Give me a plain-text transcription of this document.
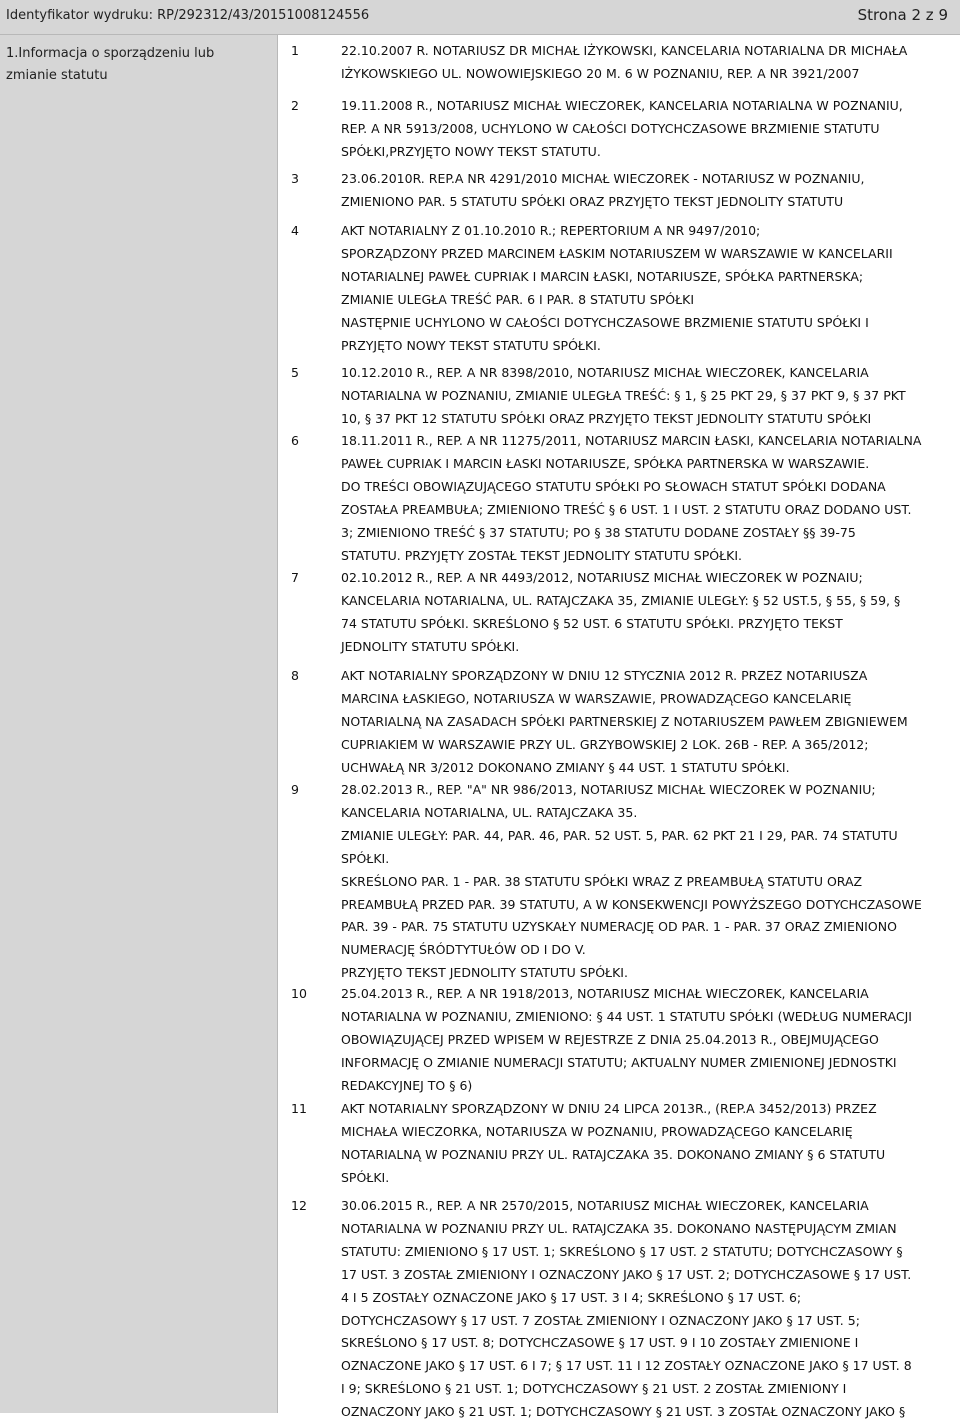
Identyfikator wydruku: RP/292312/43/20151008124556	Strona 2 z 9
1.Informacja o sporządzeniu lub zmianie statutu
1	22.10.2007 R. NOTARIUSZ DR MICHAŁ IŻYKOWSKI, KANCELARIA NOTARIALNA DR MICHAŁA
IŻYKOWSKIEGO UL. NOWOWIEJSKIEGO 20 M. 6 W POZNANIU, REP. A NR 3921/2007
2	19.11.2008 R., NOTARIUSZ MICHAŁ WIECZOREK, KANCELARIA NOTARIALNA W POZNANIU,
REP. A NR 5913/2008, UCHYLONO W CAŁOŚCI DOTYCHCZASOWE BRZMIENIE STATUTU
SPÓŁKI,PRZYJĘTO NOWY TEKST STATUTU.
3	23.06.2010R. REP.A NR 4291/2010 MICHAŁ WIECZOREK - NOTARIUSZ W POZNANIU,
ZMIENIONO PAR. 5 STATUTU SPÓŁKI ORAZ PRZYJĘTO TEKST JEDNOLITY STATUTU
4	AKT NOTARIALNY Z 01.10.2010 R.; REPERTORIUM A NR 9497/2010;
SPORZĄDZONY PRZED MARCINEM ŁASKIM NOTARIUSZEM W WARSZAWIE W KANCELARII
NOTARIALNEJ PAWEŁ CUPRIAK I MARCIN ŁASKI, NOTARIUSZE, SPÓŁKA PARTNERSKA;
ZMIANIE ULEGŁA TREŚĆ PAR. 6 I PAR. 8 STATUTU SPÓŁKI
NASTĘPNIE UCHYLONO W CAŁOŚCI DOTYCHCZASOWE BRZMIENIE STATUTU SPÓŁKI I
PRZYJĘTO NOWY TEKST STATUTU SPÓŁKI.
5	10.12.2010 R., REP. A NR 8398/2010, NOTARIUSZ MICHAŁ WIECZOREK, KANCELARIA
NOTARIALNA W POZNANIU, ZMIANIE ULEGŁA TREŚĆ: § 1, § 25 PKT 29, § 37 PKT 9, § 37 PKT
10, § 37 PKT 12 STATUTU SPÓŁKI ORAZ PRZYJĘTO TEKST JEDNOLITY STATUTU SPÓŁKI
6	18.11.2011 R., REP. A NR 11275/2011, NOTARIUSZ MARCIN ŁASKI, KANCELARIA NOTARIALNA
PAWEŁ CUPRIAK I MARCIN ŁASKI NOTARIUSZE, SPÓŁKA PARTNERSKA W WARSZAWIE.
DO TREŚCI OBOWIĄZUJĄCEGO STATUTU SPÓŁKI PO SŁOWACH STATUT SPÓŁKI DODANA
ZOSTAŁA PREAMBUŁA; ZMIENIONO TREŚĆ § 6 UST. 1 I UST. 2 STATUTU ORAZ DODANO UST.
3; ZMIENIONO TREŚĆ § 37 STATUTU; PO § 38 STATUTU DODANE ZOSTAŁY §§ 39-75
STATUTU. PRZYJĘTY ZOSTAŁ TEKST JEDNOLITY STATUTU SPÓŁKI.
7	02.10.2012 R., REP. A NR 4493/2012, NOTARIUSZ MICHAŁ WIECZOREK W POZNAIU;
KANCELARIA NOTARIALNA, UL. RATAJCZAKA 35, ZMIANIE ULEGŁY: § 52 UST.5, § 55, § 59, §
74 STATUTU SPÓŁKI. SKREŚLONO § 52 UST. 6 STATUTU SPÓŁKI. PRZYJĘTO TEKST
JEDNOLITY STATUTU SPÓŁKI.
8	AKT NOTARIALNY SPORZĄDZONY W DNIU 12 STYCZNIA 2012 R. PRZEZ NOTARIUSZA
MARCINA ŁASKIEGO, NOTARIUSZA W WARSZAWIE, PROWADZĄCEGO KANCELARIĘ
NOTARIALNĄ NA ZASADACH SPÓŁKI PARTNERSKIEJ Z NOTARIUSZEM PAWŁEM ZBIGNIEWEM
CUPRIAKIEM W WARSZAWIE PRZY UL. GRZYBOWSKIEJ 2 LOK. 26B - REP. A 365/2012;
UCHWAŁĄ NR 3/2012 DOKONANO ZMIANY § 44 UST. 1 STATUTU SPÓŁKI.
9	28.02.2013 R., REP. "A" NR 986/2013, NOTARIUSZ MICHAŁ WIECZOREK W POZNANIU;
KANCELARIA NOTARIALNA, UL. RATAJCZAKA 35.
ZMIANIE ULEGŁY: PAR. 44, PAR. 46, PAR. 52 UST. 5, PAR. 62 PKT 21 I 29, PAR. 74 STATUTU
SPÓŁKI.
SKREŚLONO PAR. 1 - PAR. 38 STATUTU SPÓŁKI WRAZ Z PREAMBUŁĄ STATUTU ORAZ
PREAMBUŁĄ PRZED PAR. 39 STATUTU, A W KONSEKWENCJI POWYŻSZEGO DOTYCHCZASOWE
PAR. 39 - PAR. 75 STATUTU UZYSKAŁY NUMERACJĘ OD PAR. 1 - PAR. 37 ORAZ ZMIENIONO
NUMERACJĘ ŚRÓDTYTUŁÓW OD I DO V.
PRZYJĘTO TEKST JEDNOLITY STATUTU SPÓŁKI.
10	25.04.2013 R., REP. A NR 1918/2013, NOTARIUSZ MICHAŁ WIECZOREK, KANCELARIA
NOTARIALNA W POZNANIU, ZMIENIONO: § 44 UST. 1 STATUTU SPÓŁKI (WEDŁUG NUMERACJI
OBOWIĄZUJĄCEJ PRZED WPISEM W REJESTRZE Z DNIA 25.04.2013 R., OBEJMUJĄCEGO
INFORMACJĘ O ZMIANIE NUMERACJI STATUTU; AKTUALNY NUMER ZMIENIONEJ JEDNOSTKI
REDAKCYJNEJ TO § 6)
11	AKT NOTARIALNY SPORZĄDZONY W DNIU 24 LIPCA 2013R., (REP.A 3452/2013) PRZEZ
MICHAŁA WIECZORKA, NOTARIUSZA W POZNANIU, PROWADZĄCEGO KANCELARIĘ
NOTARIALNĄ W POZNANIU PRZY UL. RATAJCZAKA 35. DOKONANO ZMIANY § 6 STATUTU
SPÓŁKI.
12	30.06.2015 R., REP. A NR 2570/2015, NOTARIUSZ MICHAŁ WIECZOREK, KANCELARIA
NOTARIALNA W POZNANIU PRZY UL. RATAJCZAKA 35. DOKONANO NASTĘPUJĄCYM ZMIAN
STATUTU: ZMIENIONO § 17 UST. 1; SKREŚLONO § 17 UST. 2 STATUTU; DOTYCHCZASOWY §
17 UST. 3 ZOSTAŁ ZMIENIONY I OZNACZONY JAKO § 17 UST. 2; DOTYCHCZASOWE § 17 UST.
4 I 5 ZOSTAŁY OZNACZONE JAKO § 17 UST. 3 I 4; SKREŚLONO § 17 UST. 6;
DOTYCHCZASOWY § 17 UST. 7 ZOSTAŁ ZMIENIONY I OZNACZONY JAKO § 17 UST. 5;
SKREŚLONO § 17 UST. 8; DOTYCHCZASOWE § 17 UST. 9 I 10 ZOSTAŁY ZMIENIONE I
OZNACZONE JAKO § 17 UST. 6 I 7; § 17 UST. 11 I 12 ZOSTAŁY OZNACZONE JAKO § 17 UST. 8
I 9; SKREŚLONO § 21 UST. 1; DOTYCHCZASOWY § 21 UST. 2 ZOSTAŁ ZMIENIONY I
OZNACZONY JAKO § 21 UST. 1; DOTYCHCZASOWY § 21 UST. 3 ZOSTAŁ OZNACZONY JAKO §
